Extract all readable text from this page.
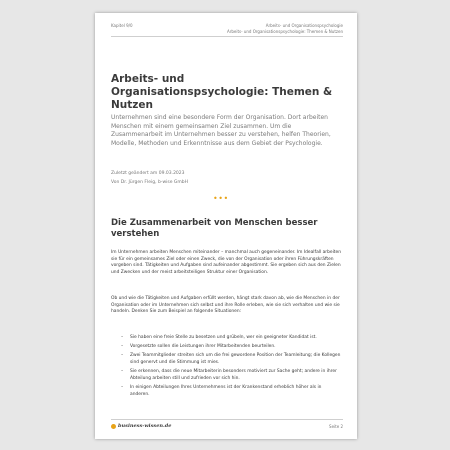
Kapitel 9/0	Arbeits- und Organisationspsychologie
Arbeits- und Organisationspsychologie: Themen & Nutzen
Arbeits- und Organisationspsychologie: Themen & Nutzen
Unternehmen sind eine besondere Form der Organisation. Dort arbeiten Menschen mit einem gemeinsamen Ziel zusammen. Um die Zusammenarbeit im Unternehmen besser zu verstehen, helfen Theorien, Modelle, Methoden und Erkenntnisse aus dem Gebiet der Psychologie.
Zuletzt geändert am 09.03.2023
Von Dr. Jürgen Fleig, b-wise GmbH
•••
Die Zusammenarbeit von Menschen besser verstehen

Im Unternehmen arbeiten Menschen miteinander – manchmal auch gegeneinander. Im Idealfall arbeiten sie für ein gemeinsames Ziel oder einen Zweck, die von der Organisation oder ihren Führungskräften vorgeben sind. Tätigkeiten und Aufgaben sind aufeinander abgestimmt. Sie ergeben sich aus den Zielen und Zwecken und der meist arbeitsteiligen Struktur einer Organisation.

Ob und wie die Tätigkeiten und Aufgaben erfüllt werden, hängt stark davon ab, wie die Menschen in der Organisation oder im Unternehmen sich selbst und ihre Rolle erleben, wie sie sich verhalten und wie sie handeln. Denken Sie zum Beispiel an folgende Situationen:

– Sie haben eine freie Stelle zu besetzen und grübeln, wer ein geeigneter Kandidat ist.
– Vorgesetzte sollen die Leistungen ihrer Mitarbeitenden beurteilen.
– Zwei Teammitglieder streiten sich um die frei gewordene Position der Teamleitung; die Kollegen sind genervt und die Stimmung ist mies.
– Sie erkennen, dass die neue Mitarbeiterin besonders motiviert zur Sache geht; andere in ihrer Abteilung arbeiten still und zufrieden vor sich hin.
– In einigen Abteilungen Ihres Unternehmens ist der Krankenstand erheblich höher als in anderen.
business-wissen.de	Seite 2
